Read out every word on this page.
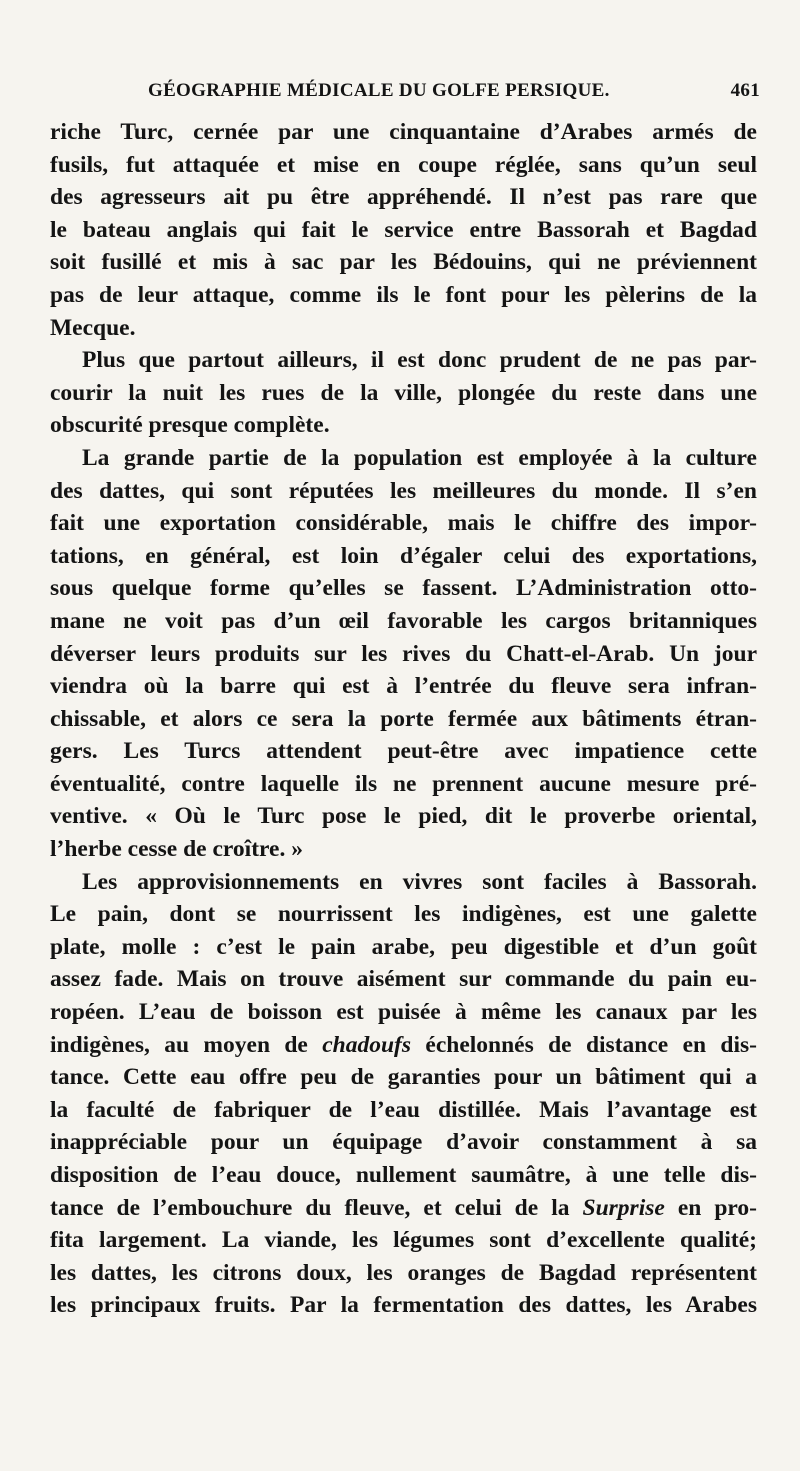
GÉOGRAPHIE MÉDICALE DU GOLFE PERSIQUE.	461
riche Turc, cernée par une cinquantaine d’Arabes armés de
fusils, fut attaquée et mise en coupe réglée, sans qu’un seul
des agresseurs ait pu être appréhendé. Il n’est pas rare que
le bateau anglais qui fait le service entre Bassorah et Bagdad
soit fusillé et mis à sac par les Bédouins, qui ne préviennent
pas de leur attaque, comme ils le font pour les pèlerins de la
Mecque.
Plus que partout ailleurs, il est donc prudent de ne pas par-
courir la nuit les rues de la ville, plongée du reste dans une
obscurité presque complète.
La grande partie de la population est employée à la culture
des dattes, qui sont réputées les meilleures du monde. Il s’en
fait une exportation considérable, mais le chiffre des impor-
tations, en général, est loin d’égaler celui des exportations,
sous quelque forme qu’elles se fassent. L’Administration otto-
mane ne voit pas d’un œil favorable les cargos britanniques
déverser leurs produits sur les rives du Chatt-el-Arab. Un jour
viendra où la barre qui est à l’entrée du fleuve sera infran-
chissable, et alors ce sera la porte fermée aux bâtiments étran-
gers. Les Turcs attendent peut-être avec impatience cette
éventualité, contre laquelle ils ne prennent aucune mesure pré-
ventive. « Où le Turc pose le pied, dit le proverbe oriental,
l’herbe cesse de croître. »
Les approvisionnements en vivres sont faciles à Bassorah.
Le pain, dont se nourrissent les indigènes, est une galette
plate, molle : c’est le pain arabe, peu digestible et d’un goût
assez fade. Mais on trouve aisément sur commande du pain eu-
ropéen. L’eau de boisson est puisée à même les canaux par les
indigènes, au moyen de chadoufs échelonnés de distance en dis-
tance. Cette eau offre peu de garanties pour un bâtiment qui a
la faculté de fabriquer de l’eau distillée. Mais l’avantage est
inappréciable pour un équipage d’avoir constamment à sa
disposition de l’eau douce, nullement saumâtre, à une telle dis-
tance de l’embouchure du fleuve, et celui de la Surprise en pro-
fita largement. La viande, les légumes sont d’excellente qualité;
les dattes, les citrons doux, les oranges de Bagdad représentent
les principaux fruits. Par la fermentation des dattes, les Arabes
